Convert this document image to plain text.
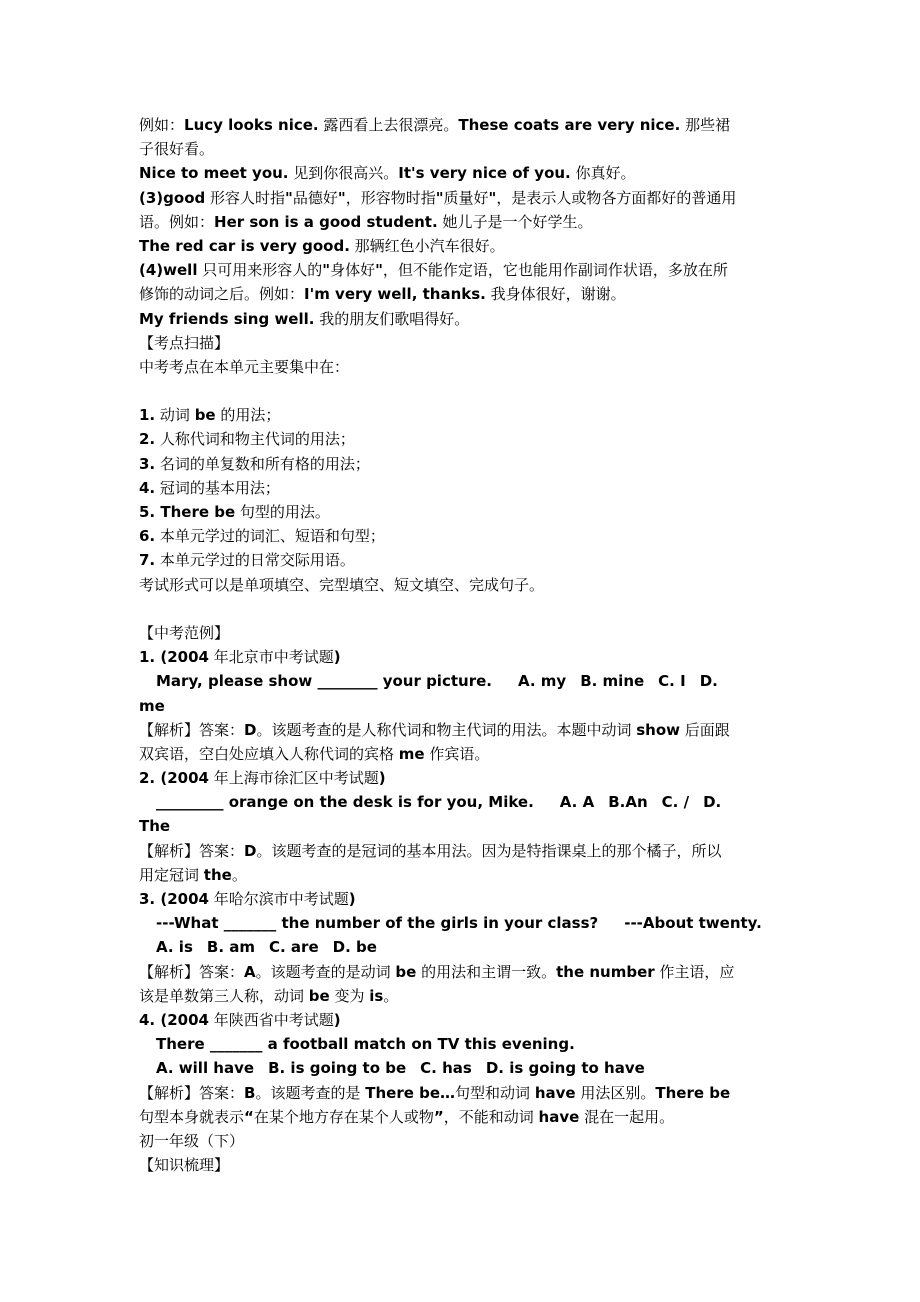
例如：Lucy looks nice. 露西看上去很漂亮。These coats are very nice. 那些裙
子很好看。
Nice to meet you. 见到你很高兴。It's very nice of you. 你真好。
(3)good 形容人时指"品德好"，形容物时指"质量好"，是表示人或物各方面都好的普通用
语。例如：Her son is a good student. 她儿子是一个好学生。
The red car is very good. 那辆红色小汽车很好。
(4)well 只可用来形容人的"身体好"，但不能作定语，它也能用作副词作状语，多放在所
修饰的动词之后。例如：I'm very well, thanks. 我身体很好，谢谢。
My friends sing well. 我的朋友们歌唱得好。
【考点扫描】
中考考点在本单元主要集中在：
1. 动词 be 的用法；
2. 人称代词和物主代词的用法；
3. 名词的单复数和所有格的用法；
4. 冠词的基本用法；
5. There be 句型的用法。
6. 本单元学过的词汇、短语和句型；
7. 本单元学过的日常交际用语。
考试形式可以是单项填空、完型填空、短文填空、完成句子。
【中考范例】
1. (2004 年北京市中考试题)
Mary, please show ________ your picture. A. my B. mine C. I D.
me
【解析】答案：D。该题考查的是人称代词和物主代词的用法。本题中动词 show 后面跟
双宾语，空白处应填入人称代词的宾格 me 作宾语。
2. (2004 年上海市徐汇区中考试题)
_________ orange on the desk is for you, Mike. A. A B.An C. / D.
The
【解析】答案：D。该题考查的是冠词的基本用法。因为是特指课桌上的那个橘子，所以
用定冠词 the。
3. (2004 年哈尔滨市中考试题)
---What _______ the number of the girls in your class? ---About twenty.
A. is B. am C. are D. be
【解析】答案：A。该题考查的是动词 be 的用法和主谓一致。the number 作主语，应
该是单数第三人称，动词 be 变为 is。
4. (2004 年陕西省中考试题)
There _______ a football match on TV this evening.
A. will have B. is going to be C. has D. is going to have
【解析】答案：B。该题考查的是 There be…句型和动词 have 用法区别。There be
句型本身就表示“在某个地方存在某个人或物”，不能和动词 have 混在一起用。
初一年级（下）
【知识梳理】
